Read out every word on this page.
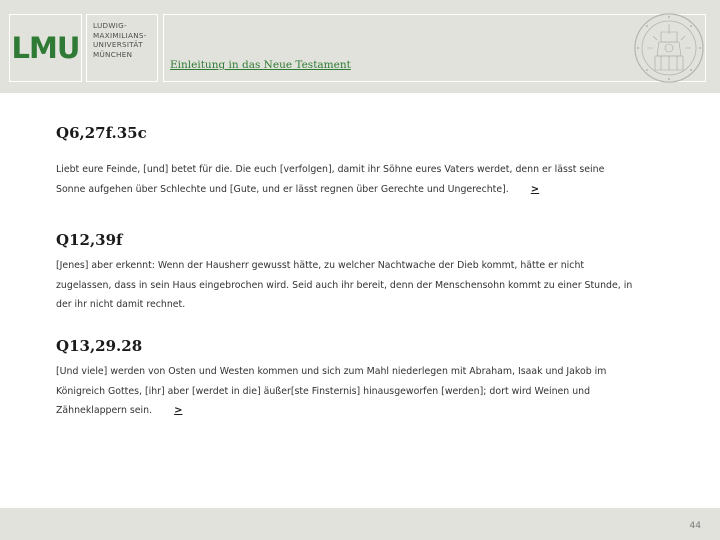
LMU
LUDWIG-
MAXIMILIANS-
UNIVERSITÄT
MÜNCHEN
Einleitung in das Neue Testament
Q6,27f.35c
Liebt eure Feinde, [und] betet für die. Die euch [verfolgen], damit ihr Söhne eures Vaters werdet, denn er lässt seine Sonne aufgehen über Schlechte und [Gute, und er lässt regnen über Gerechte und Ungerechte]. >
Q12,39f
[Jenes] aber erkennt: Wenn der Hausherr gewusst hätte, zu welcher Nachtwache der Dieb kommt, hätte er nicht zugelassen, dass in sein Haus eingebrochen wird. Seid auch ihr bereit, denn der Menschensohn kommt zu einer Stunde, in der ihr nicht damit rechnet.
Q13,29.28
[Und viele] werden von Osten und Westen kommen und sich zum Mahl niederlegen mit Abraham, Isaak und Jakob im Königreich Gottes, [ihr] aber [werdet in die] äußer[ste Finsternis] hinausgeworfen [werden]; dort wird Weinen und Zähneklappern sein. >
44
